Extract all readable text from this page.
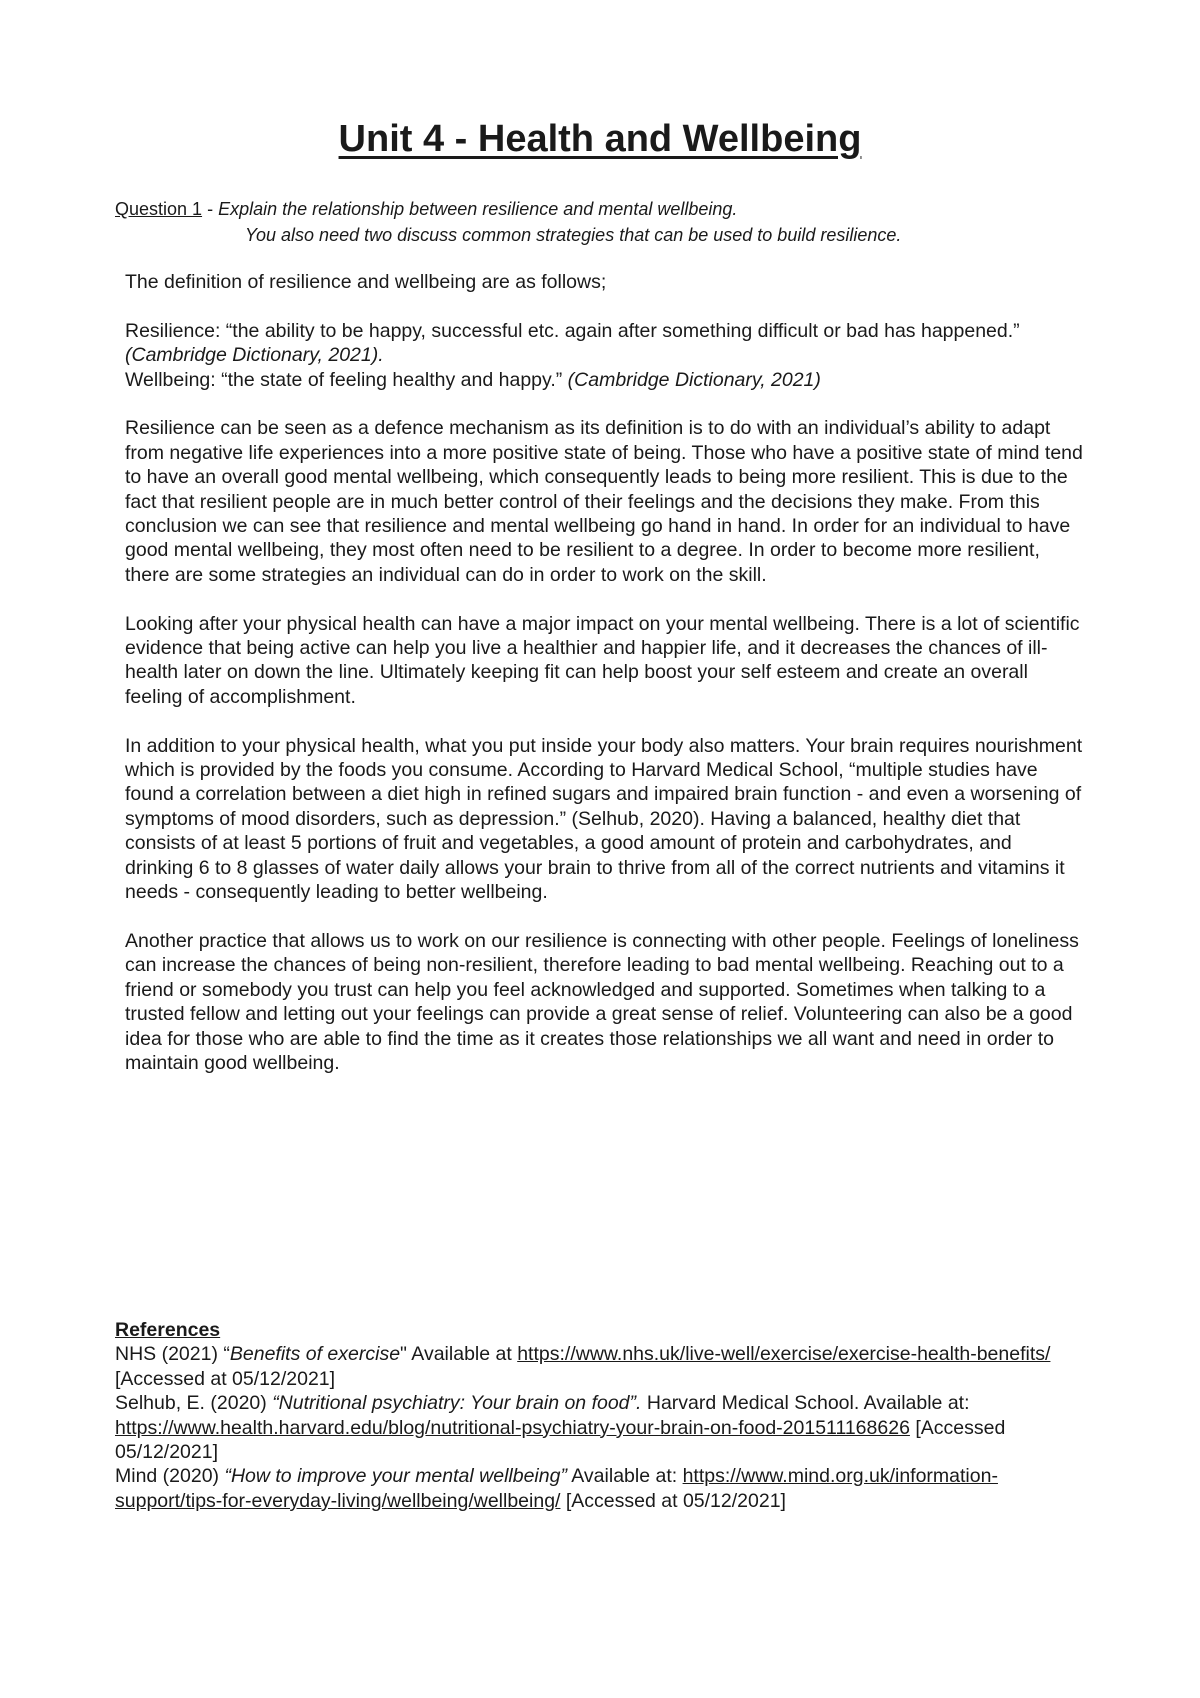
Unit 4 - Health and Wellbeing
Question 1 - Explain the relationship between resilience and mental wellbeing.
You also need two discuss common strategies that can be used to build resilience.

The definition of resilience and wellbeing are as follows;

Resilience: “the ability to be happy, successful etc. again after something difficult or bad has happened.” (Cambridge Dictionary, 2021).
Wellbeing: “the state of feeling healthy and happy.” (Cambridge Dictionary, 2021)

Resilience can be seen as a defence mechanism as its definition is to do with an individual’s ability to adapt from negative life experiences into a more positive state of being. Those who have a positive state of mind tend to have an overall good mental wellbeing, which consequently leads to being more resilient. This is due to the fact that resilient people are in much better control of their feelings and the decisions they make. From this conclusion we can see that resilience and mental wellbeing go hand in hand. In order for an individual to have good mental wellbeing, they most often need to be resilient to a degree. In order to become more resilient, there are some strategies an individual can do in order to work on the skill.

Looking after your physical health can have a major impact on your mental wellbeing. There is a lot of scientific evidence that being active can help you live a healthier and happier life, and it decreases the chances of ill-health later on down the line. Ultimately keeping fit can help boost your self esteem and create an overall feeling of accomplishment.

In addition to your physical health, what you put inside your body also matters. Your brain requires nourishment which is provided by the foods you consume. According to Harvard Medical School, “multiple studies have found a correlation between a diet high in refined sugars and impaired brain function - and even a worsening of symptoms of mood disorders, such as depression.” (Selhub, 2020). Having a balanced, healthy diet that consists of at least 5 portions of fruit and vegetables, a good amount of protein and carbohydrates, and drinking 6 to 8 glasses of water daily allows your brain to thrive from all of the correct nutrients and vitamins it needs - consequently leading to better wellbeing.

Another practice that allows us to work on our resilience is connecting with other people. Feelings of loneliness can increase the chances of being non-resilient, therefore leading to bad mental wellbeing. Reaching out to a friend or somebody you trust can help you feel acknowledged and supported. Sometimes when talking to a trusted fellow and letting out your feelings can provide a great sense of relief. Volunteering can also be a good idea for those who are able to find the time as it creates those relationships we all want and need in order to maintain good wellbeing.

References
NHS (2021) “Benefits of exercise" Available at https://www.nhs.uk/live-well/exercise/exercise-health-benefits/ [Accessed at 05/12/2021]
Selhub, E. (2020) “Nutritional psychiatry: Your brain on food”. Harvard Medical School. Available at: https://www.health.harvard.edu/blog/nutritional-psychiatry-your-brain-on-food-201511168626 [Accessed 05/12/2021]
Mind (2020) “How to improve your mental wellbeing” Available at: https://www.mind.org.uk/information-support/tips-for-everyday-living/wellbeing/wellbeing/ [Accessed at 05/12/2021]
